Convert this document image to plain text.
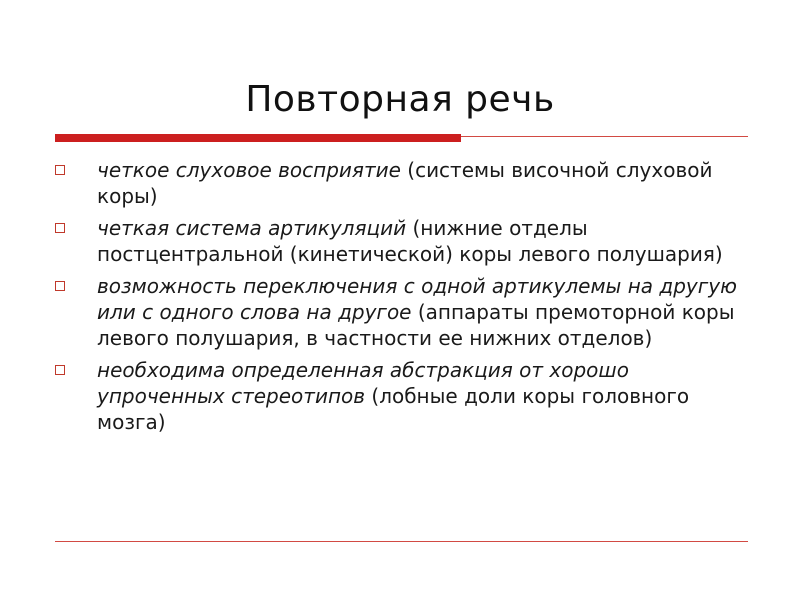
Повторная речь
четкое слуховое восприятие (системы височной слуховой коры)
четкая система артикуляций (нижние отделы постцентральной (кинетической) коры левого полушария)
возможность переключения с одной артикулемы на другую или с одного слова на другое (аппараты премоторной коры левого полушария, в частности ее нижних отделов)
необходима определенная абстракция от хорошо упроченных стереотипов (лобные доли коры головного мозга)
